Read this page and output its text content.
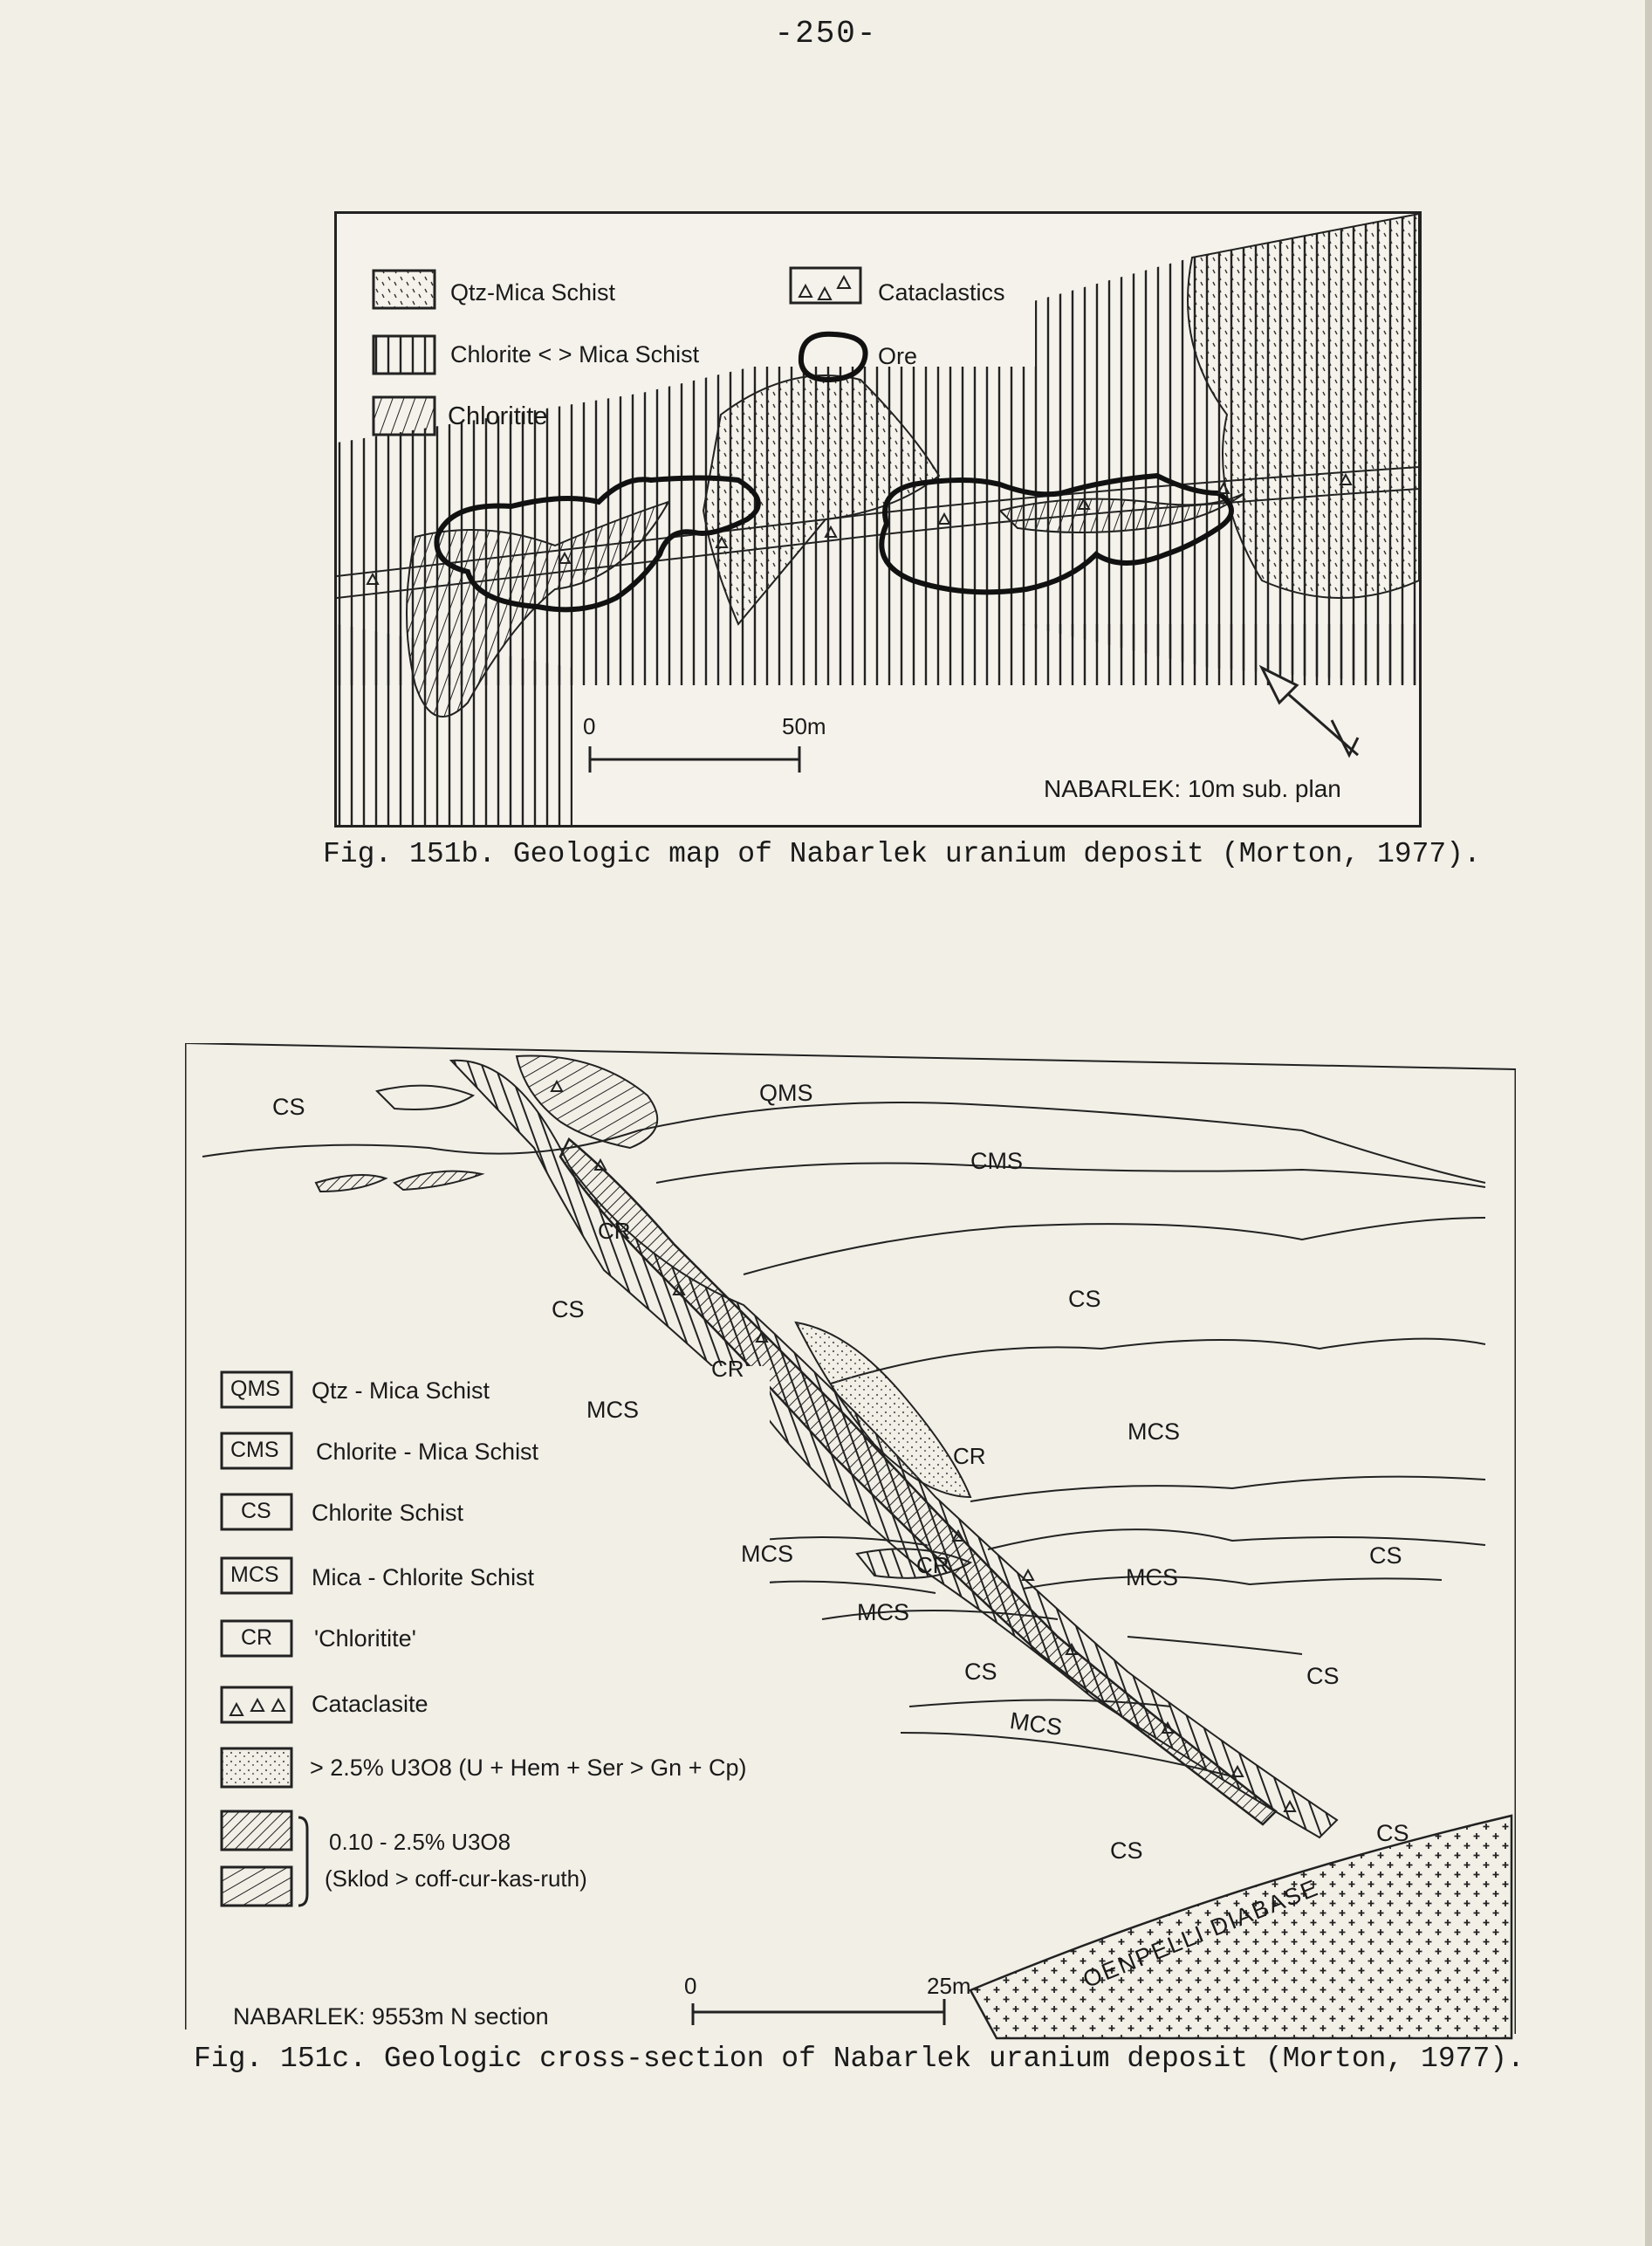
-250-
Qtz-Mica Schist
Chlorite < > Mica Schist
Chloritite
Cataclastics
Ore
0	50m
NABARLEK: 10m sub. plan
Fig. 151b. Geologic map of Nabarlek uranium deposit (Morton, 1977).
CS
QMS
CMS
CS	CS
MCS
MCS
MCS
MCS
CS
MCS
CS	CS
MCS
CS
CS
CR
CR
CR
CR
OENPELLI DIABASE
QMS
CMS
CS
MCS
CR
Qtz - Mica Schist
Chlorite - Mica Schist
Chlorite Schist
Mica - Chlorite Schist
'Chloritite'
Cataclasite
> 2.5% U3O8 (U + Hem + Ser > Gn + Cp)
0.10 - 2.5% U3O8
(Sklod > coff-cur-kas-ruth)
0	25m
NABARLEK: 9553m N section
Fig. 151c. Geologic cross-section of Nabarlek uranium deposit (Morton, 1977).
